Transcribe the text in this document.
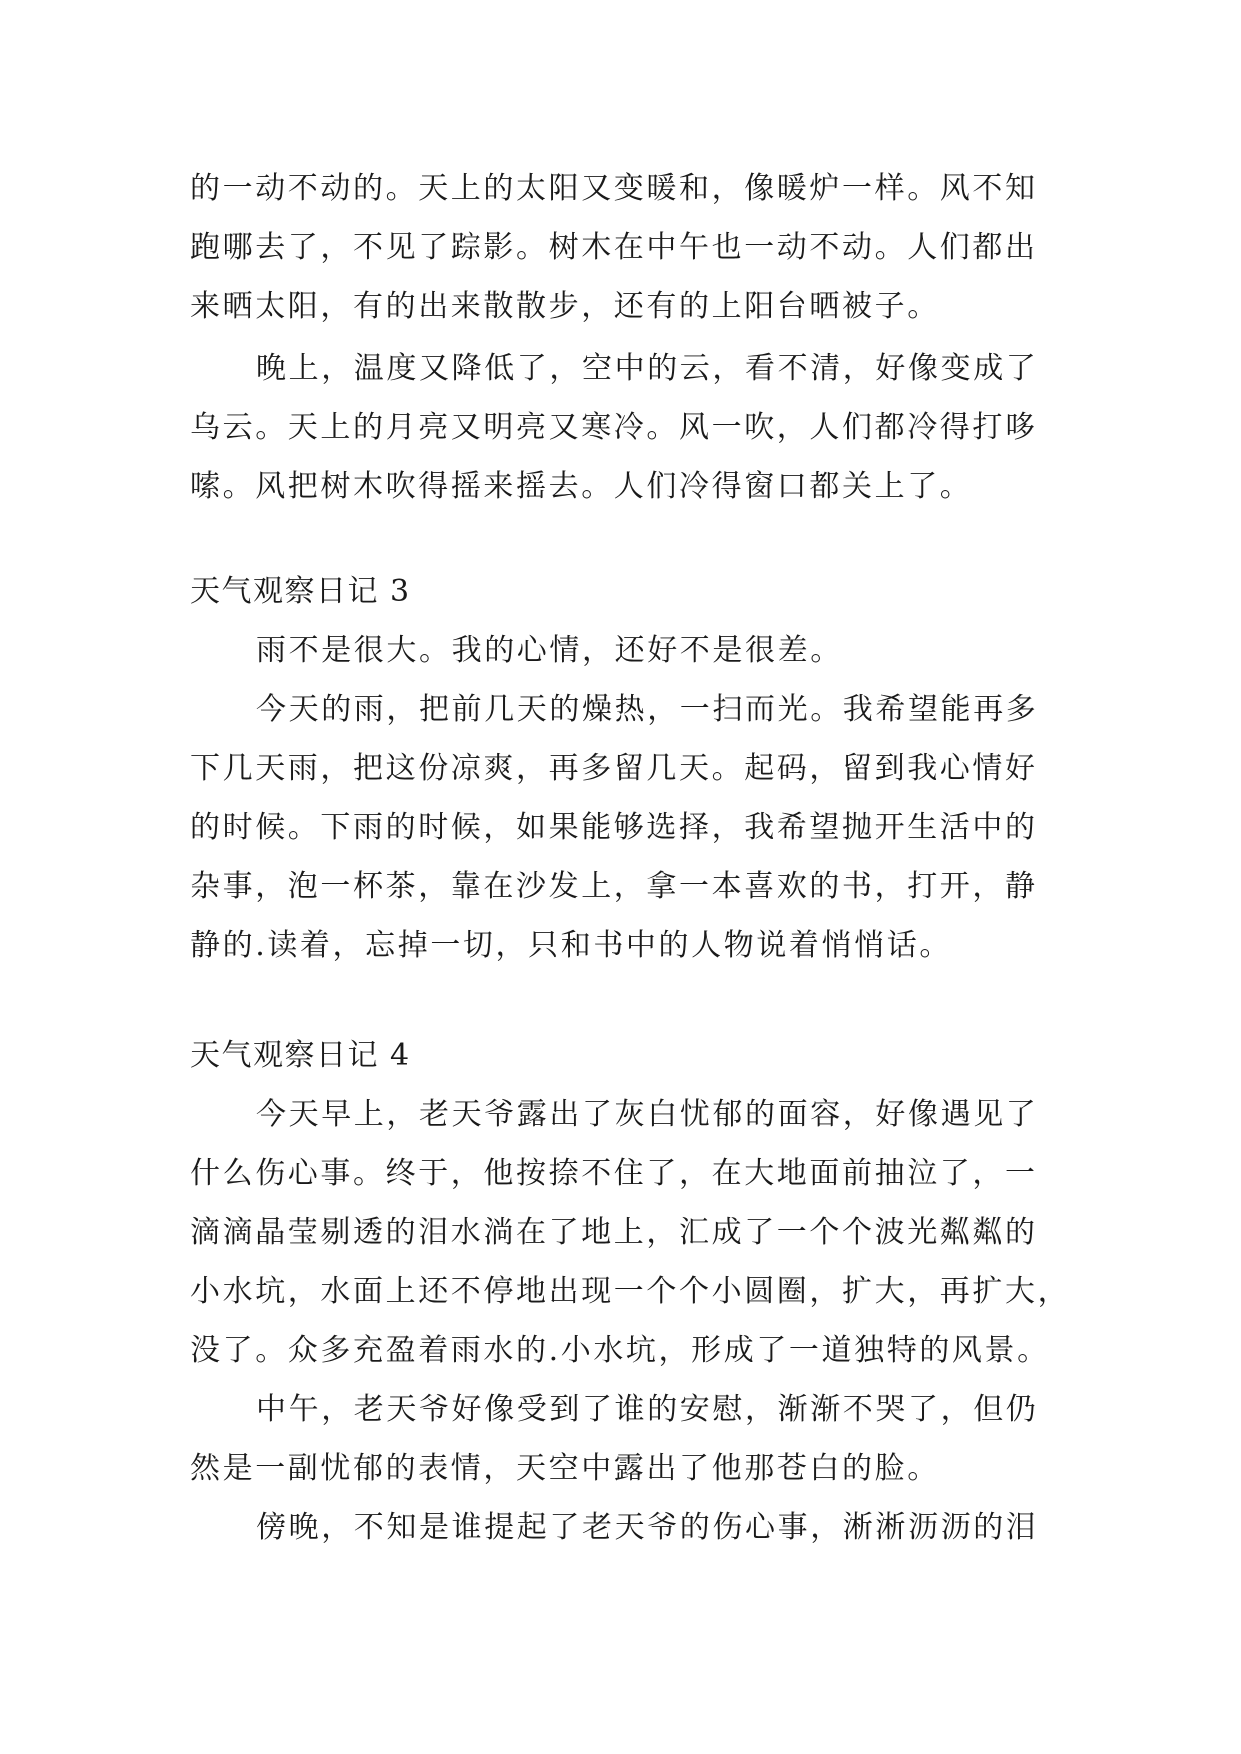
的一动不动的。天上的太阳又变暖和，像暖炉一样。风不知
跑哪去了，不见了踪影。树木在中午也一动不动。人们都出
来晒太阳，有的出来散散步，还有的上阳台晒被子。

晚上，温度又降低了，空中的云，看不清，好像变成了
乌云。天上的月亮又明亮又寒冷。风一吹，人们都冷得打哆
嗦。风把树木吹得摇来摇去。人们冷得窗口都关上了。

天气观察日记 3

雨不是很大。我的心情，还好不是很差。

今天的雨，把前几天的燥热，一扫而光。我希望能再多
下几天雨，把这份凉爽，再多留几天。起码，留到我心情好
的时候。下雨的时候，如果能够选择，我希望抛开生活中的
杂事，泡一杯茶，靠在沙发上，拿一本喜欢的书，打开，静
静的.读着，忘掉一切，只和书中的人物说着悄悄话。

天气观察日记 4

今天早上，老天爷露出了灰白忧郁的面容，好像遇见了
什么伤心事。终于，他按捺不住了，在大地面前抽泣了，一
滴滴晶莹剔透的泪水淌在了地上，汇成了一个个波光粼粼的
小水坑，水面上还不停地出现一个个小圆圈，扩大，再扩大，
没了。众多充盈着雨水的.小水坑，形成了一道独特的风景。

中午，老天爷好像受到了谁的安慰，渐渐不哭了，但仍
然是一副忧郁的表情，天空中露出了他那苍白的脸。

傍晚，不知是谁提起了老天爷的伤心事，淅淅沥沥的泪
